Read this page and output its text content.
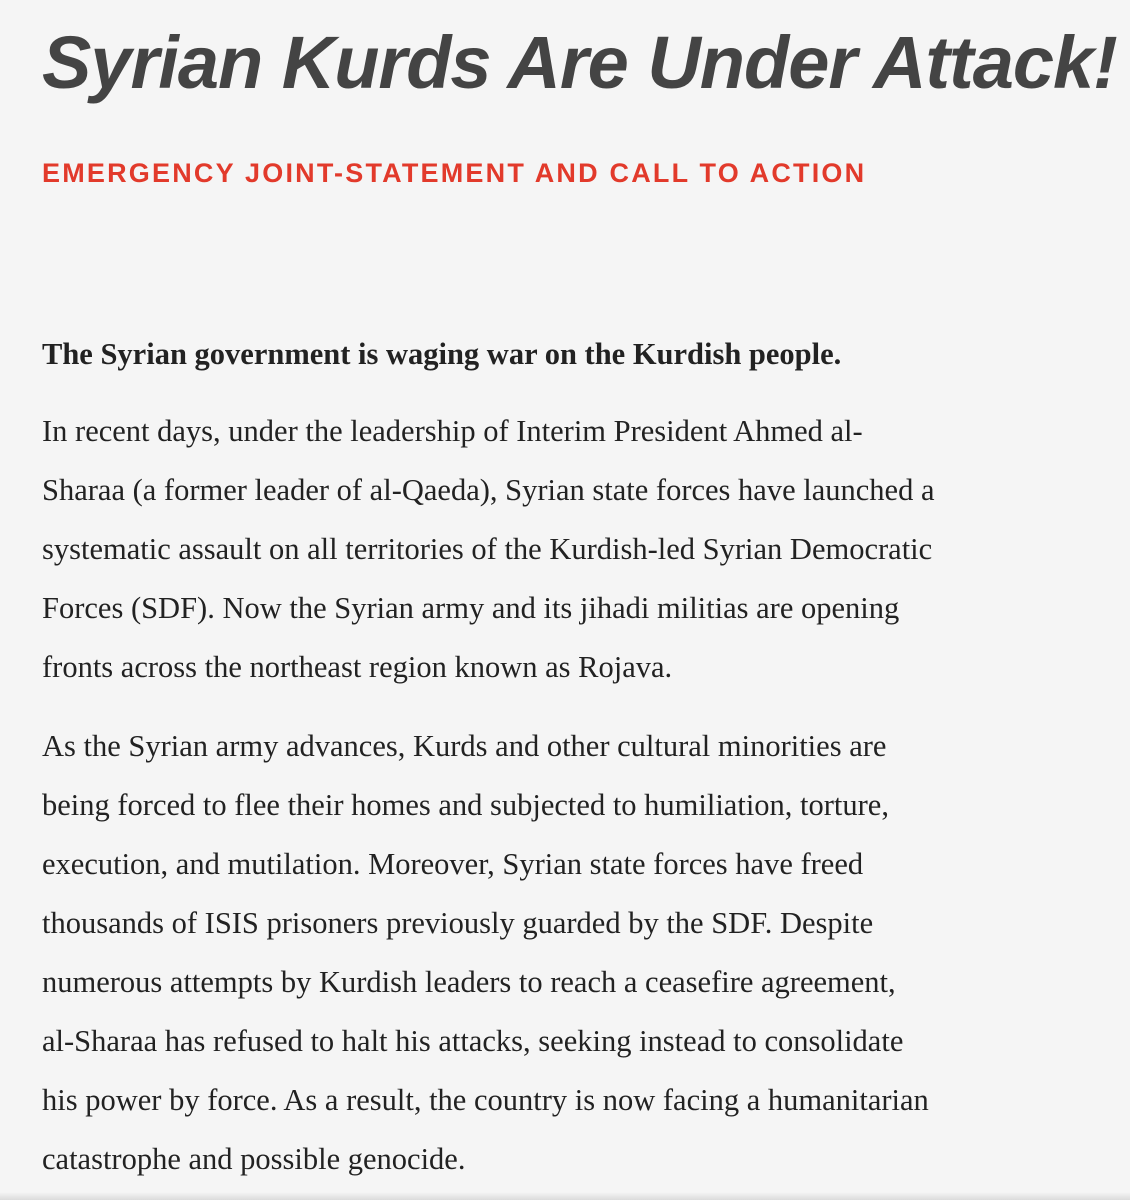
Syrian Kurds Are Under Attack!
EMERGENCY JOINT-STATEMENT AND CALL TO ACTION

The Syrian government is waging war on the Kurdish people.

In recent days, under the leadership of Interim President Ahmed al-
Sharaa (a former leader of al-Qaeda), Syrian state forces have launched a
systematic assault on all territories of the Kurdish-led Syrian Democratic
Forces (SDF). Now the Syrian army and its jihadi militias are opening
fronts across the northeast region known as Rojava.

As the Syrian army advances, Kurds and other cultural minorities are
being forced to flee their homes and subjected to humiliation, torture,
execution, and mutilation. Moreover, Syrian state forces have freed
thousands of ISIS prisoners previously guarded by the SDF. Despite
numerous attempts by Kurdish leaders to reach a ceasefire agreement,
al-Sharaa has refused to halt his attacks, seeking instead to consolidate
his power by force. As a result, the country is now facing a humanitarian
catastrophe and possible genocide.
